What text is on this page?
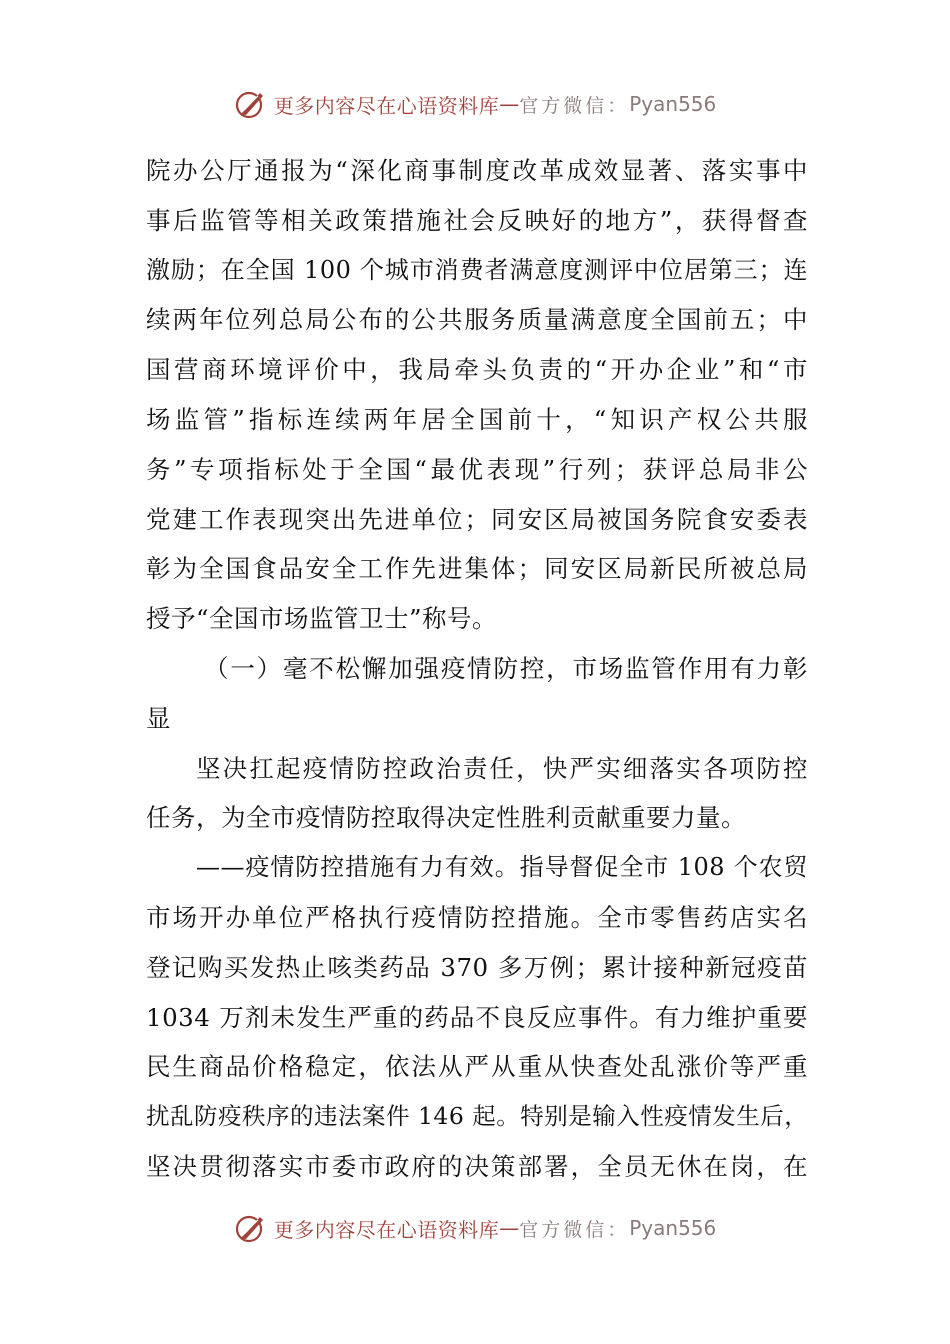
更多内容尽在心语资料库 — 官方微信： Pyan556
院办公厅通报为“深化商事制度改革成效显著、落实事中
事后监管等相关政策措施社会反映好的地方”，获得督查
激励；在全国 100 个城市消费者满意度测评中位居第三；连
续两年位列总局公布的公共服务质量满意度全国前五；中
国营商环境评价中，我局牵头负责的“开办企业”和“市
场监管”指标连续两年居全国前十，“知识产权公共服
务”专项指标处于全国“最优表现”行列；获评总局非公
党建工作表现突出先进单位；同安区局被国务院食安委表
彰为全国食品安全工作先进集体；同安区局新民所被总局
授予“全国市场监管卫士”称号。
（一）毫不松懈加强疫情防控，市场监管作用有力彰
显
坚决扛起疫情防控政治责任，快严实细落实各项防控
任务，为全市疫情防控取得决定性胜利贡献重要力量。
——疫情防控措施有力有效。指导督促全市 108 个农贸
市场开办单位严格执行疫情防控措施。全市零售药店实名
登记购买发热止咳类药品 370 多万例；累计接种新冠疫苗
1034 万剂未发生严重的药品不良反应事件。有力维护重要
民生商品价格稳定，依法从严从重从快查处乱涨价等严重
扰乱防疫秩序的违法案件 146 起。特别是输入性疫情发生后，
坚决贯彻落实市委市政府的决策部署，全员无休在岗，在
更多内容尽在心语资料库 — 官方微信： Pyan556
